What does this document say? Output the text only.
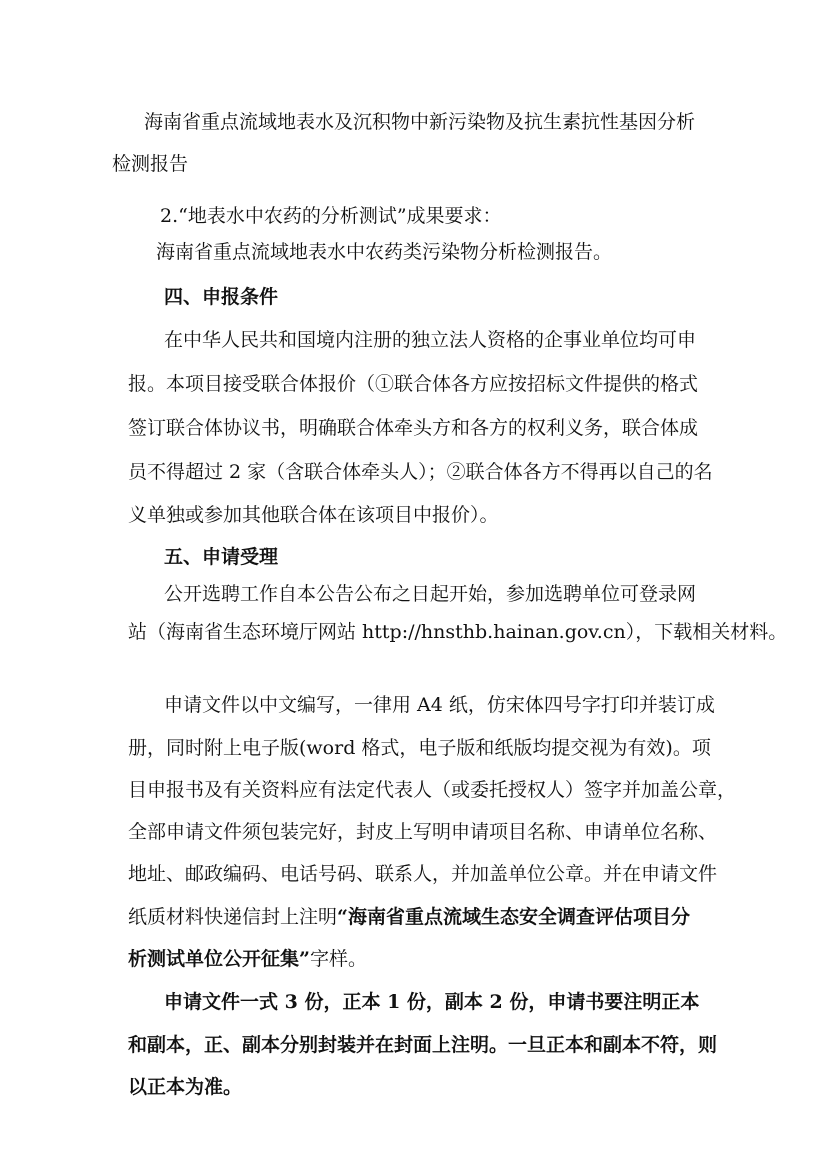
海南省重点流域地表水及沉积物中新污染物及抗生素抗性基因分析
检测报告
2.“地表水中农药的分析测试”成果要求：
海南省重点流域地表水中农药类污染物分析检测报告。
四、申报条件
在中华人民共和国境内注册的独立法人资格的企事业单位均可申
报。本项目接受联合体报价（①联合体各方应按招标文件提供的格式
签订联合体协议书，明确联合体牵头方和各方的权利义务，联合体成
员不得超过 2 家（含联合体牵头人）；②联合体各方不得再以自己的名
义单独或参加其他联合体在该项目中报价）。
五、申请受理
公开选聘工作自本公告公布之日起开始，参加选聘单位可登录网
站（海南省生态环境厅网站 http://hnsthb.hainan.gov.cn），下载相关材料。
申请文件以中文编写，一律用 A4 纸，仿宋体四号字打印并装订成
册，同时附上电子版(word 格式，电子版和纸版均提交视为有效)。项
目申报书及有关资料应有法定代表人（或委托授权人）签字并加盖公章，
全部申请文件须包装完好，封皮上写明申请项目名称、申请单位名称、
地址、邮政编码、电话号码、联系人，并加盖单位公章。并在申请文件
纸质材料快递信封上注明“海南省重点流域生态安全调查评估项目分
析测试单位公开征集”字样。
申请文件一式 3 份，正本 1 份，副本 2 份，申请书要注明正本
和副本，正、副本分别封装并在封面上注明。一旦正本和副本不符，则
以正本为准。
